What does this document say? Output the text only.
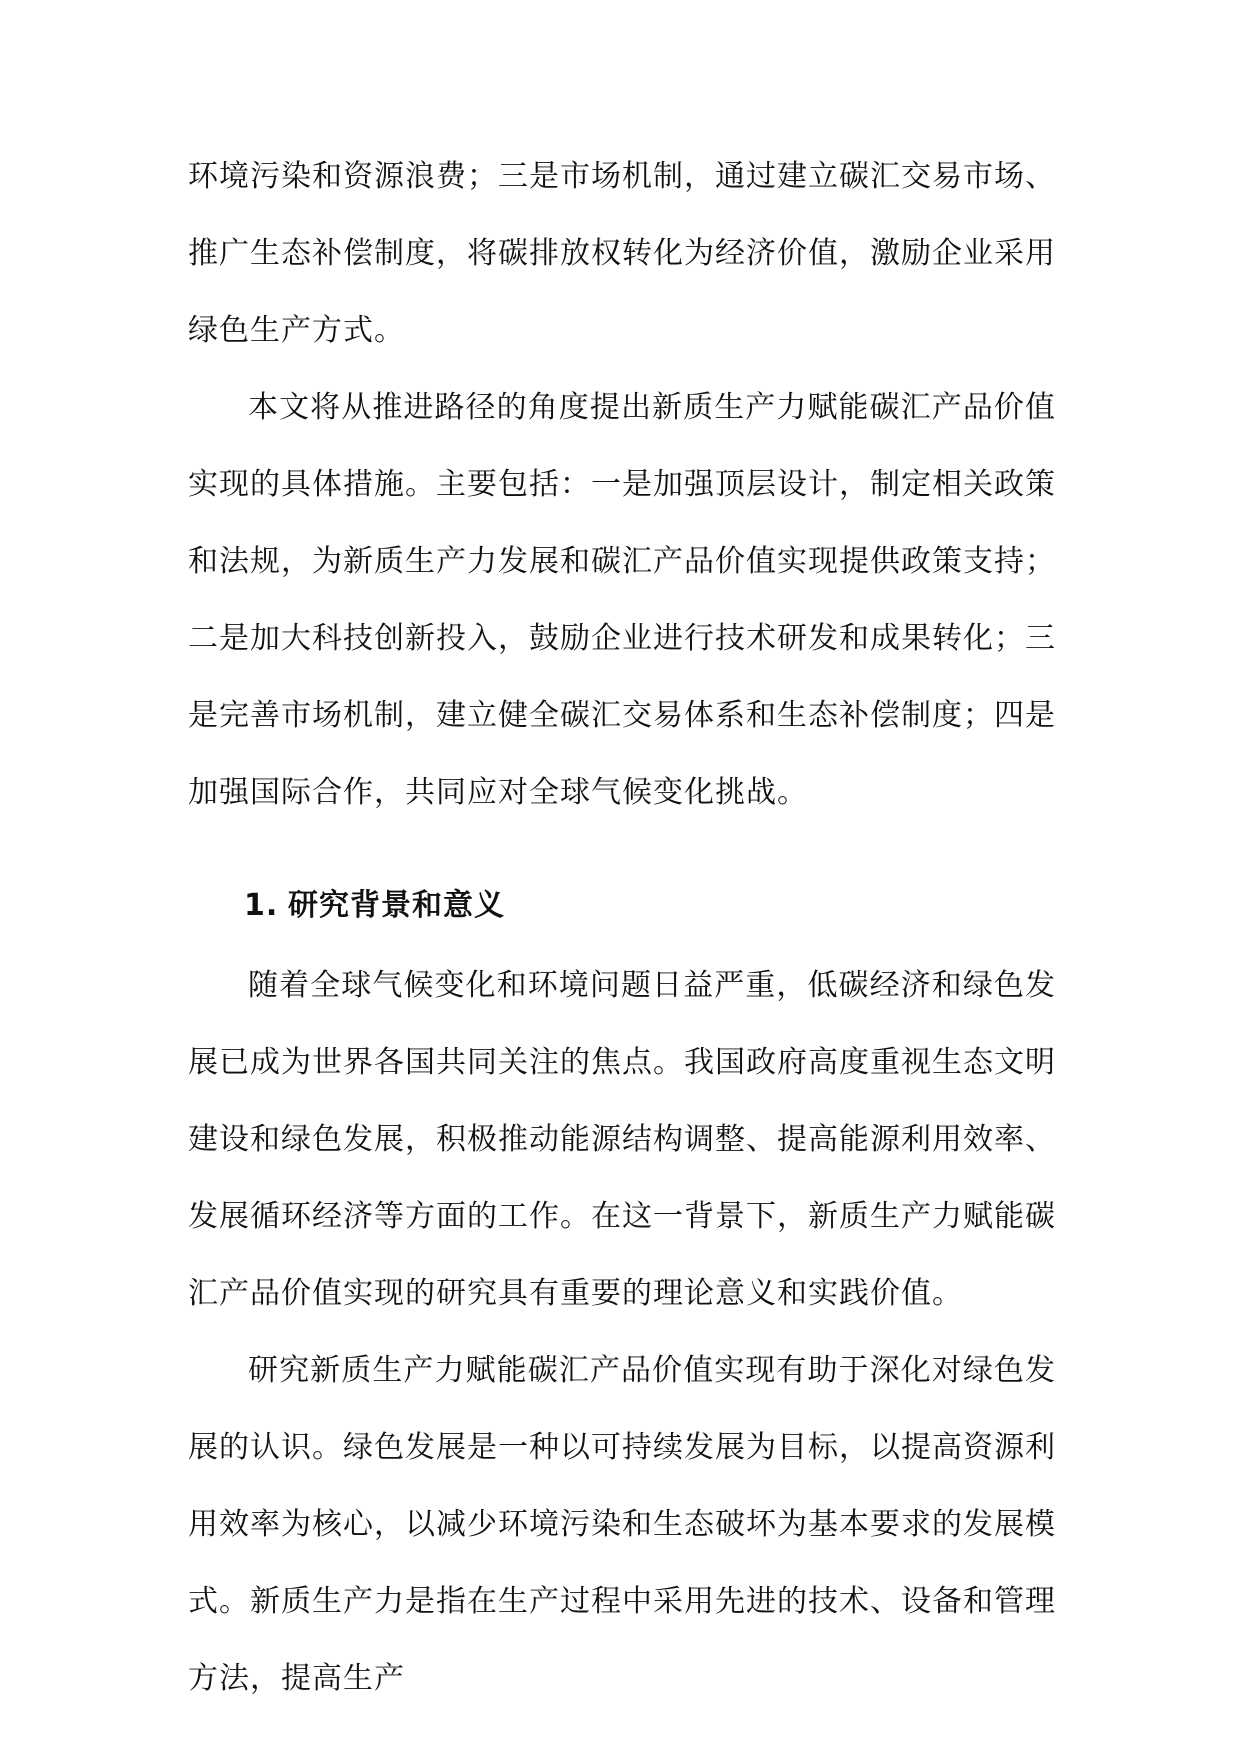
环境污染和资源浪费；三是市场机制，通过建立碳汇交易市场、推广生态补偿制度，将碳排放权转化为经济价值，激励企业采用绿色生产方式。

本文将从推进路径的角度提出新质生产力赋能碳汇产品价值实现的具体措施。主要包括：一是加强顶层设计，制定相关政策和法规，为新质生产力发展和碳汇产品价值实现提供政策支持；二是加大科技创新投入，鼓励企业进行技术研发和成果转化；三是完善市场机制，建立健全碳汇交易体系和生态补偿制度；四是加强国际合作，共同应对全球气候变化挑战。

1. 研究背景和意义

随着全球气候变化和环境问题日益严重，低碳经济和绿色发展已成为世界各国共同关注的焦点。我国政府高度重视生态文明建设和绿色发展，积极推动能源结构调整、提高能源利用效率、发展循环经济等方面的工作。在这一背景下，新质生产力赋能碳汇产品价值实现的研究具有重要的理论意义和实践价值。

研究新质生产力赋能碳汇产品价值实现有助于深化对绿色发展的认识。绿色发展是一种以可持续发展为目标，以提高资源利用效率为核心，以减少环境污染和生态破坏为基本要求的发展模式。新质生产力是指在生产过程中采用先进的技术、设备和管理方法，提高生产
